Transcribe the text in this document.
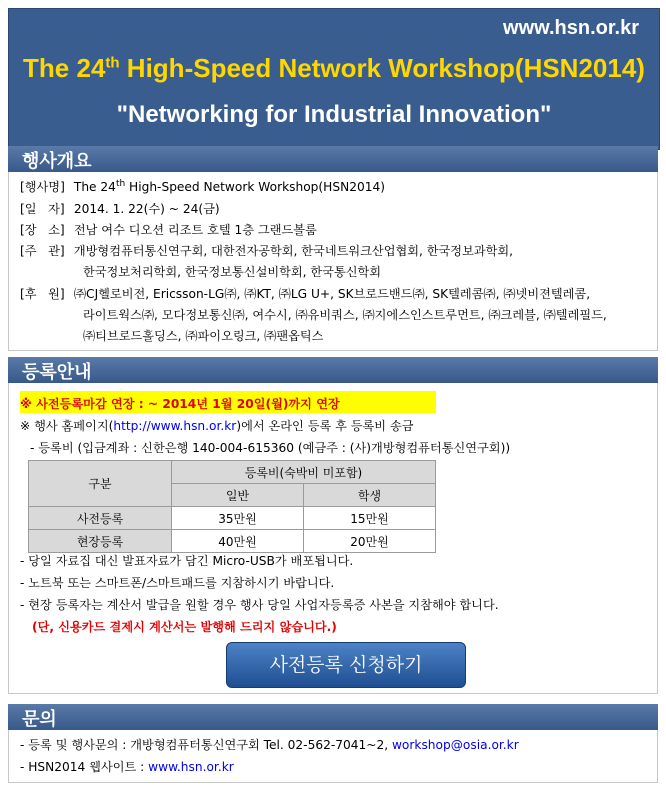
www.hsn.or.kr
The 24th High-Speed Network Workshop(HSN2014)
"Networking for Industrial Innovation"
행사개요
[행사명] The 24th High-Speed Network Workshop(HSN2014)
[일   자] 2014. 1. 22(수) ~ 24(금)
[장   소] 전남 여수 디오션 리조트 호텔 1층 그랜드볼룸
[주   관] 개방형컴퓨터통신연구회, 대한전자공학회, 한국네트워크산업협회, 한국정보과학회,
한국정보처리학회, 한국정보통신설비학회, 한국통신학회
[후   원] ㈜CJ헬로비전, Ericsson-LG㈜, ㈜KT, ㈜LG U+, SK브로드밴드㈜, SK텔레콤㈜, ㈜넷비젼텔레콤,
라이트웍스㈜, 모다정보통신㈜, 여수시, ㈜유비쿼스, ㈜지에스인스트루먼트, ㈜크레블, ㈜텔레필드,
㈜티브로드홀딩스, ㈜파이오링크, ㈜팬옵틱스
등록안내
※ 사전등록마감 연장 : ~ 2014년 1월 20일(월)까지 연장
※ 행사 홈페이지(http://www.hsn.or.kr)에서 온라인 등록 후 등록비 송금
- 등록비 (입금계좌 : 신한은행 140-004-615360 (예금주 : (사)개방형컴퓨터통신연구회))
구분	등록비(숙박비 미포함)	
	일반	학생
사전등록	35만원	15만원
현장등록	40만원	20만원
- 당일 자료집 대신 발표자료가 담긴 Micro-USB가 배포됩니다.
- 노트북 또는 스마트폰/스마트패드를 지참하시기 바랍니다.
- 현장 등록자는 계산서 발급을 원할 경우 행사 당일 사업자등록증 사본을 지참해야 합니다.
(단, 신용카드 결제시 계산서는 발행해 드리지 않습니다.)
사전등록 신청하기
문의
- 등록 및 행사문의 : 개방형컴퓨터통신연구회 Tel. 02-562-7041~2, workshop@osia.or.kr
- HSN2014 웹사이트 : www.hsn.or.kr
